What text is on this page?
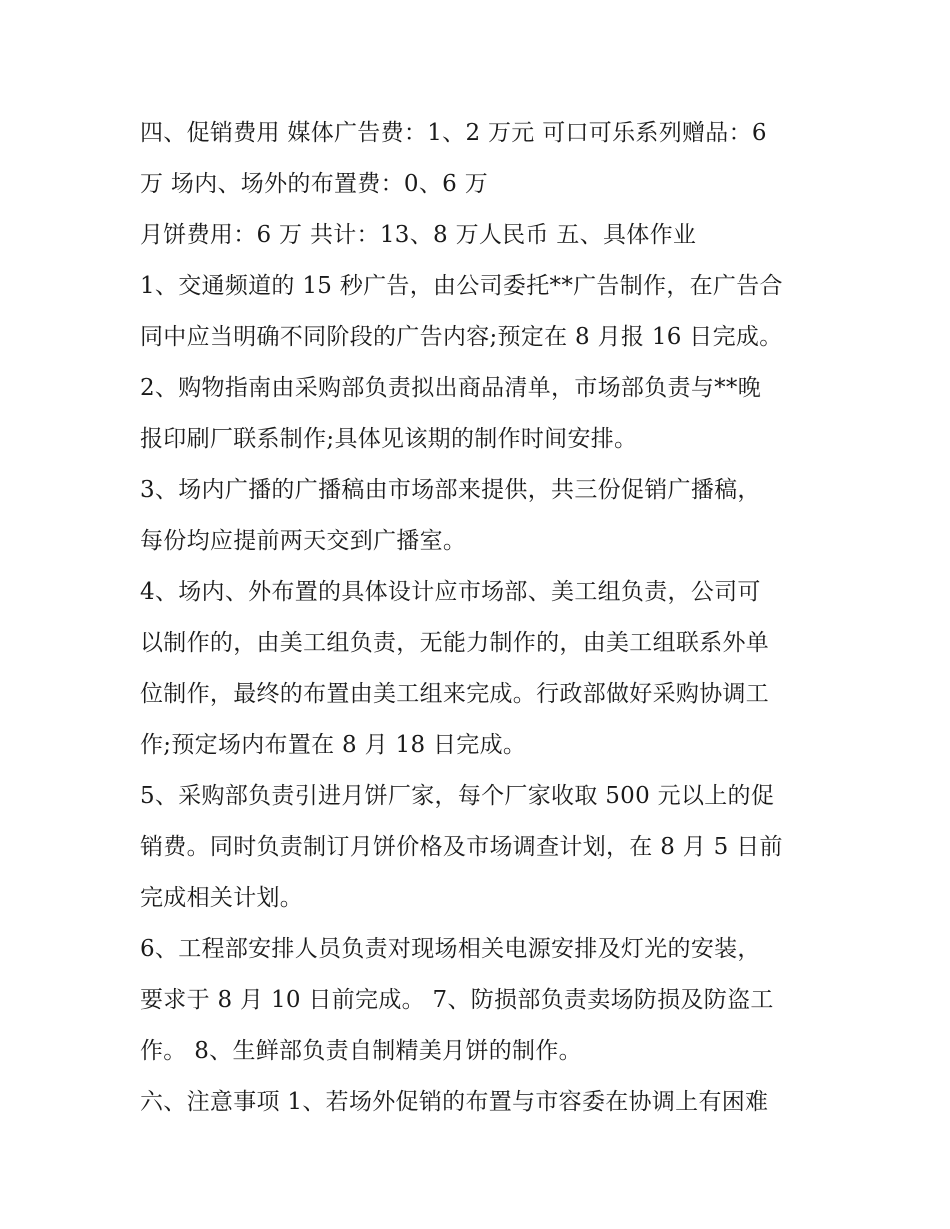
四、促销费用 媒体广告费：1、2 万元 可口可乐系列赠品：6
万 场内、场外的布置费：0、6 万
月饼费用：6 万 共计：13、8 万人民币 五、具体作业
1、交通频道的 15 秒广告，由公司委托**广告制作，在广告合
同中应当明确不同阶段的广告内容;预定在 8 月报 16 日完成。
2、购物指南由采购部负责拟出商品清单，市场部负责与**晚
报印刷厂联系制作;具体见该期的制作时间安排。
3、场内广播的广播稿由市场部来提供，共三份促销广播稿，
每份均应提前两天交到广播室。
4、场内、外布置的具体设计应市场部、美工组负责，公司可
以制作的，由美工组负责，无能力制作的，由美工组联系外单
位制作，最终的布置由美工组来完成。行政部做好采购协调工
作;预定场内布置在 8 月 18 日完成。
5、采购部负责引进月饼厂家，每个厂家收取 500 元以上的促
销费。同时负责制订月饼价格及市场调查计划，在 8 月 5 日前
完成相关计划。
6、工程部安排人员负责对现场相关电源安排及灯光的安装，
要求于 8 月 10 日前完成。 7、防损部负责卖场防损及防盗工
作。 8、生鲜部负责自制精美月饼的制作。
六、注意事项 1、若场外促销的布置与市容委在协调上有困难
